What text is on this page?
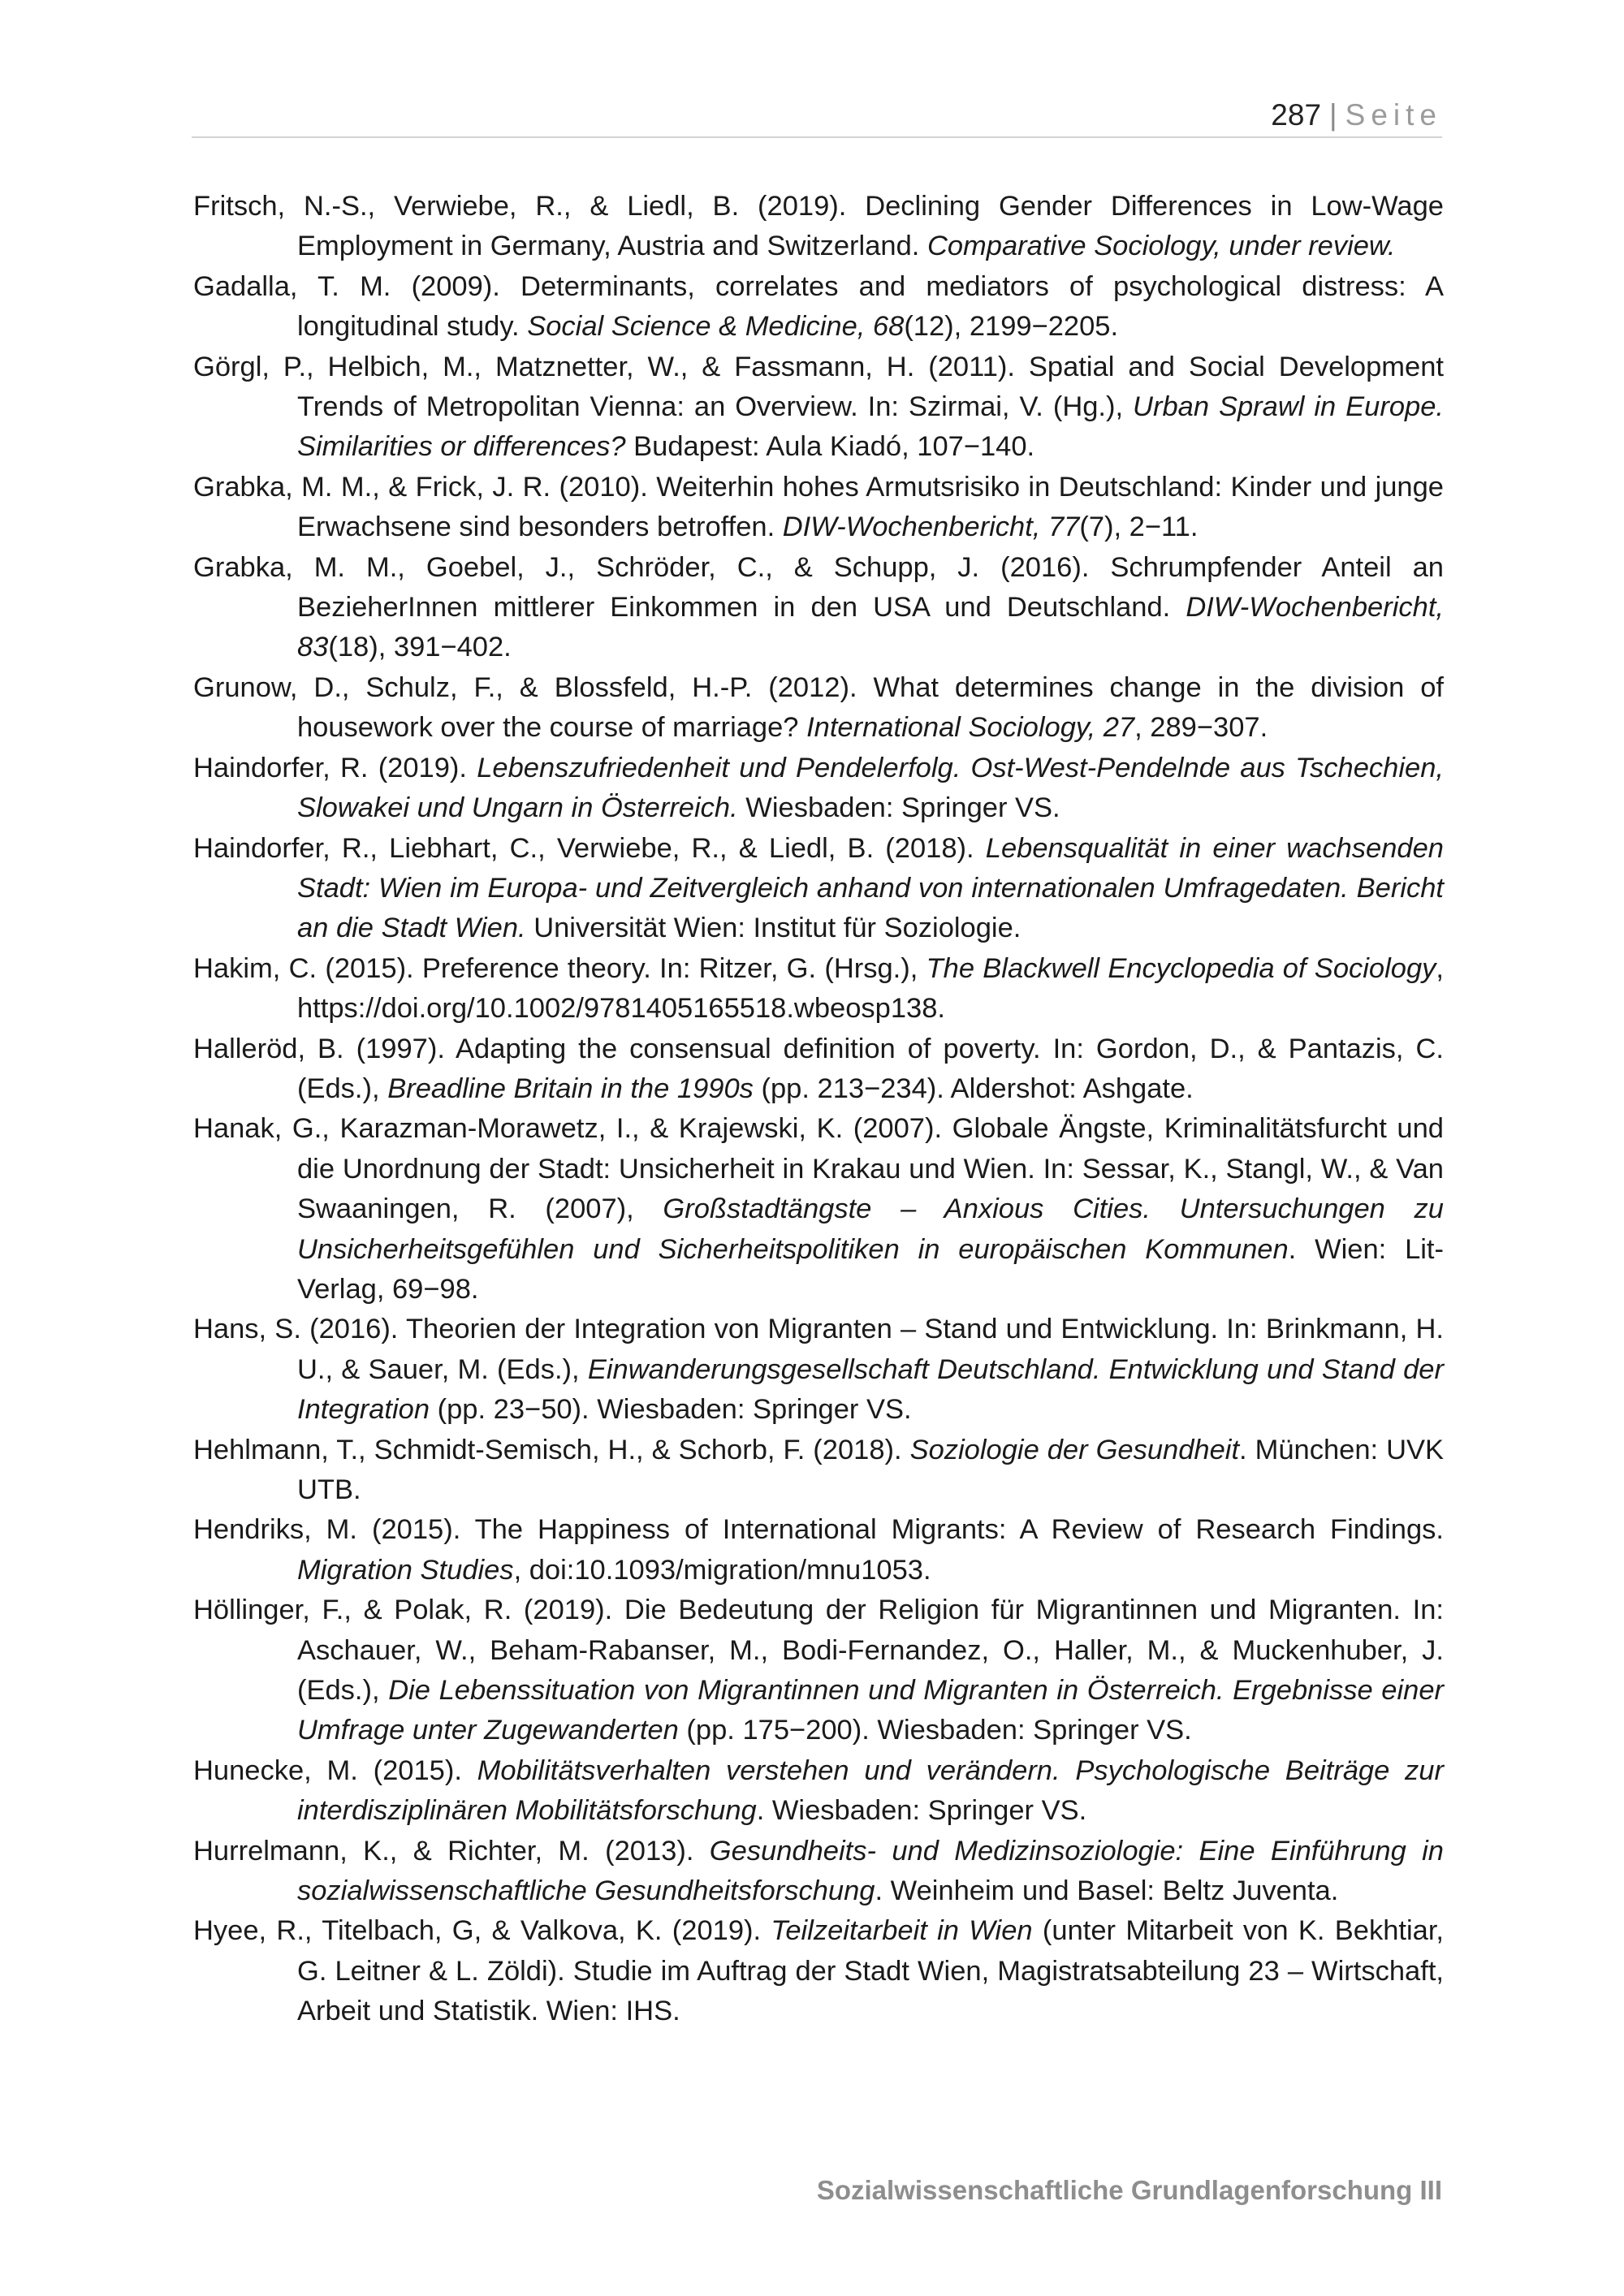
287 | Seite
Fritsch, N.-S., Verwiebe, R., & Liedl, B. (2019). Declining Gender Differences in Low-Wage Employment in Germany, Austria and Switzerland. Comparative Sociology, under review.
Gadalla, T. M. (2009). Determinants, correlates and mediators of psychological distress: A longitudinal study. Social Science & Medicine, 68(12), 2199−2205.
Görgl, P., Helbich, M., Matznetter, W., & Fassmann, H. (2011). Spatial and Social Development Trends of Metropolitan Vienna: an Overview. In: Szirmai, V. (Hg.), Urban Sprawl in Europe. Similarities or differences? Budapest: Aula Kiadó, 107−140.
Grabka, M. M., & Frick, J. R. (2010). Weiterhin hohes Armutsrisiko in Deutschland: Kinder und junge Erwachsene sind besonders betroffen. DIW-Wochenbericht, 77(7), 2−11.
Grabka, M. M., Goebel, J., Schröder, C., & Schupp, J. (2016). Schrumpfender Anteil an BezieherInnen mittlerer Einkommen in den USA und Deutschland. DIW-Wochenbericht, 83(18), 391−402.
Grunow, D., Schulz, F., & Blossfeld, H.-P. (2012). What determines change in the division of housework over the course of marriage? International Sociology, 27, 289−307.
Haindorfer, R. (2019). Lebenszufriedenheit und Pendelerfolg. Ost-West-Pendelnde aus Tschechien, Slowakei und Ungarn in Österreich. Wiesbaden: Springer VS.
Haindorfer, R., Liebhart, C., Verwiebe, R., & Liedl, B. (2018). Lebensqualität in einer wachsenden Stadt: Wien im Europa- und Zeitvergleich anhand von internationalen Umfragedaten. Bericht an die Stadt Wien. Universität Wien: Institut für Soziologie.
Hakim, C. (2015). Preference theory. In: Ritzer, G. (Hrsg.), The Blackwell Encyclopedia of Sociology, https://doi.org/10.1002/9781405165518.wbeosp138.
Halleröd, B. (1997). Adapting the consensual definition of poverty. In: Gordon, D., & Pantazis, C. (Eds.), Breadline Britain in the 1990s (pp. 213−234). Aldershot: Ashgate.
Hanak, G., Karazman-Morawetz, I., & Krajewski, K. (2007). Globale Ängste, Kriminalitätsfurcht und die Unordnung der Stadt: Unsicherheit in Krakau und Wien. In: Sessar, K., Stangl, W., & Van Swaaningen, R. (2007), Großstadtängste – Anxious Cities. Untersuchungen zu Unsicherheitsgefühlen und Sicherheitspolitiken in europäischen Kommunen. Wien: Lit-Verlag, 69−98.
Hans, S. (2016). Theorien der Integration von Migranten – Stand und Entwicklung. In: Brinkmann, H. U., & Sauer, M. (Eds.), Einwanderungsgesellschaft Deutschland. Entwicklung und Stand der Integration (pp. 23−50). Wiesbaden: Springer VS.
Hehlmann, T., Schmidt-Semisch, H., & Schorb, F. (2018). Soziologie der Gesundheit. München: UVK UTB.
Hendriks, M. (2015). The Happiness of International Migrants: A Review of Research Findings. Migration Studies, doi:10.1093/migration/mnu1053.
Höllinger, F., & Polak, R. (2019). Die Bedeutung der Religion für Migrantinnen und Migranten. In: Aschauer, W., Beham-Rabanser, M., Bodi-Fernandez, O., Haller, M., & Muckenhuber, J. (Eds.), Die Lebenssituation von Migrantinnen und Migranten in Österreich. Ergebnisse einer Umfrage unter Zugewanderten (pp. 175−200). Wiesbaden: Springer VS.
Hunecke, M. (2015). Mobilitätsverhalten verstehen und verändern. Psychologische Beiträge zur interdisziplinären Mobilitätsforschung. Wiesbaden: Springer VS.
Hurrelmann, K., & Richter, M. (2013). Gesundheits- und Medizinsoziologie: Eine Einführung in sozialwissenschaftliche Gesundheitsforschung. Weinheim und Basel: Beltz Juventa.
Hyee, R., Titelbach, G, & Valkova, K. (2019). Teilzeitarbeit in Wien (unter Mitarbeit von K. Bekhtiar, G. Leitner & L. Zöldi). Studie im Auftrag der Stadt Wien, Magistratsabteilung 23 – Wirtschaft, Arbeit und Statistik. Wien: IHS.
Sozialwissenschaftliche Grundlagenforschung III
